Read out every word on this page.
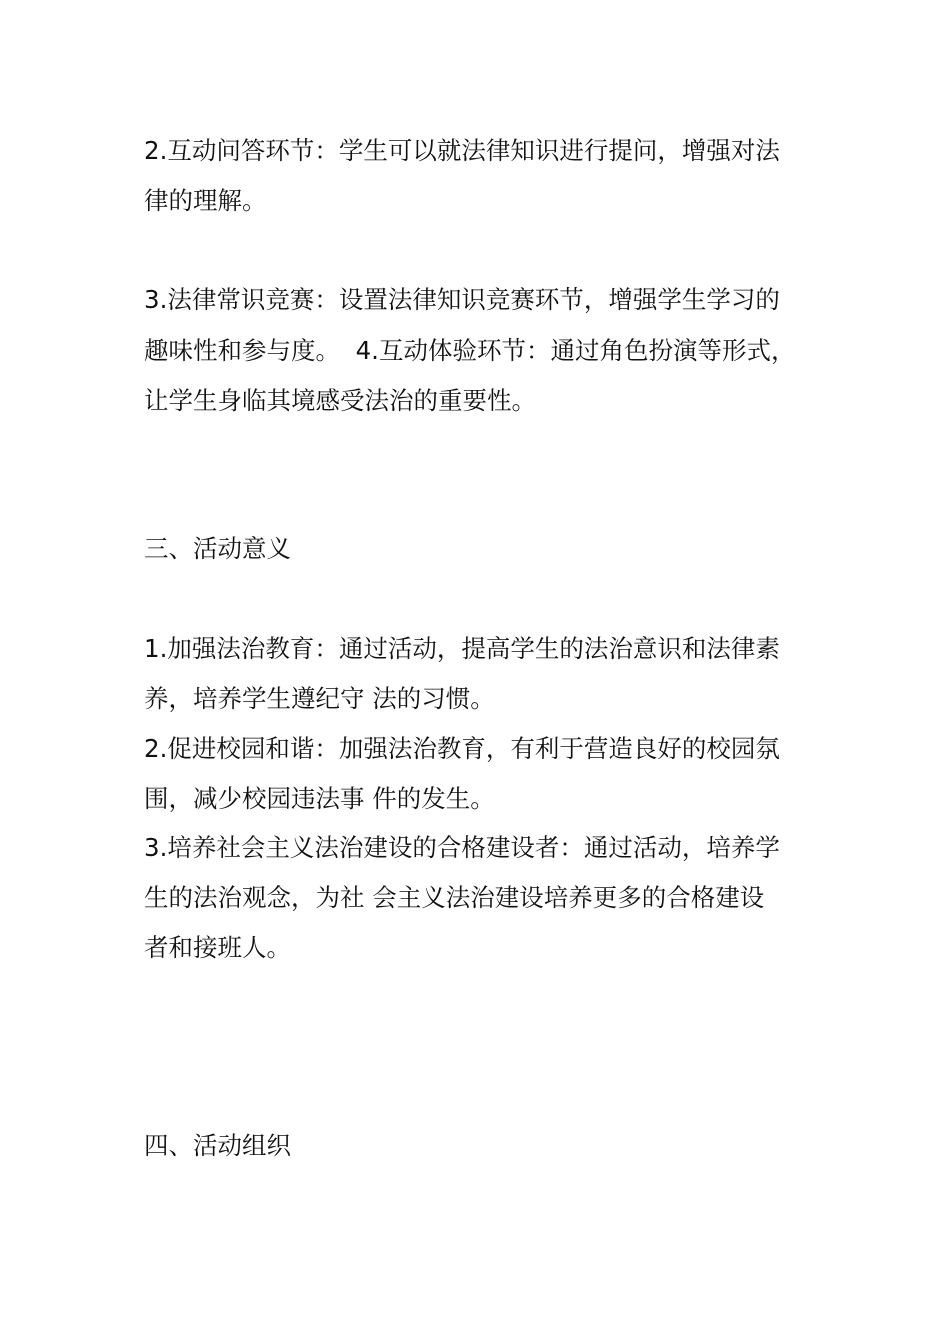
2.互动问答环节：学生可以就法律知识进行提问，增强对法

律的理解。

3.法律常识竞赛：设置法律知识竞赛环节，增强学生学习的

趣味性和参与度。  4.互动体验环节：通过角色扮演等形式，

让学生身临其境感受法治的重要性。

三、活动意义

1.加强法治教育：通过活动，提高学生的法治意识和法律素

养，培养学生遵纪守 法的习惯。

2.促进校园和谐：加强法治教育，有利于营造良好的校园氛

围，减少校园违法事 件的发生。

3.培养社会主义法治建设的合格建设者：通过活动，培养学

生的法治观念，为社 会主义法治建设培养更多的合格建设

者和接班人。

四、活动组织
